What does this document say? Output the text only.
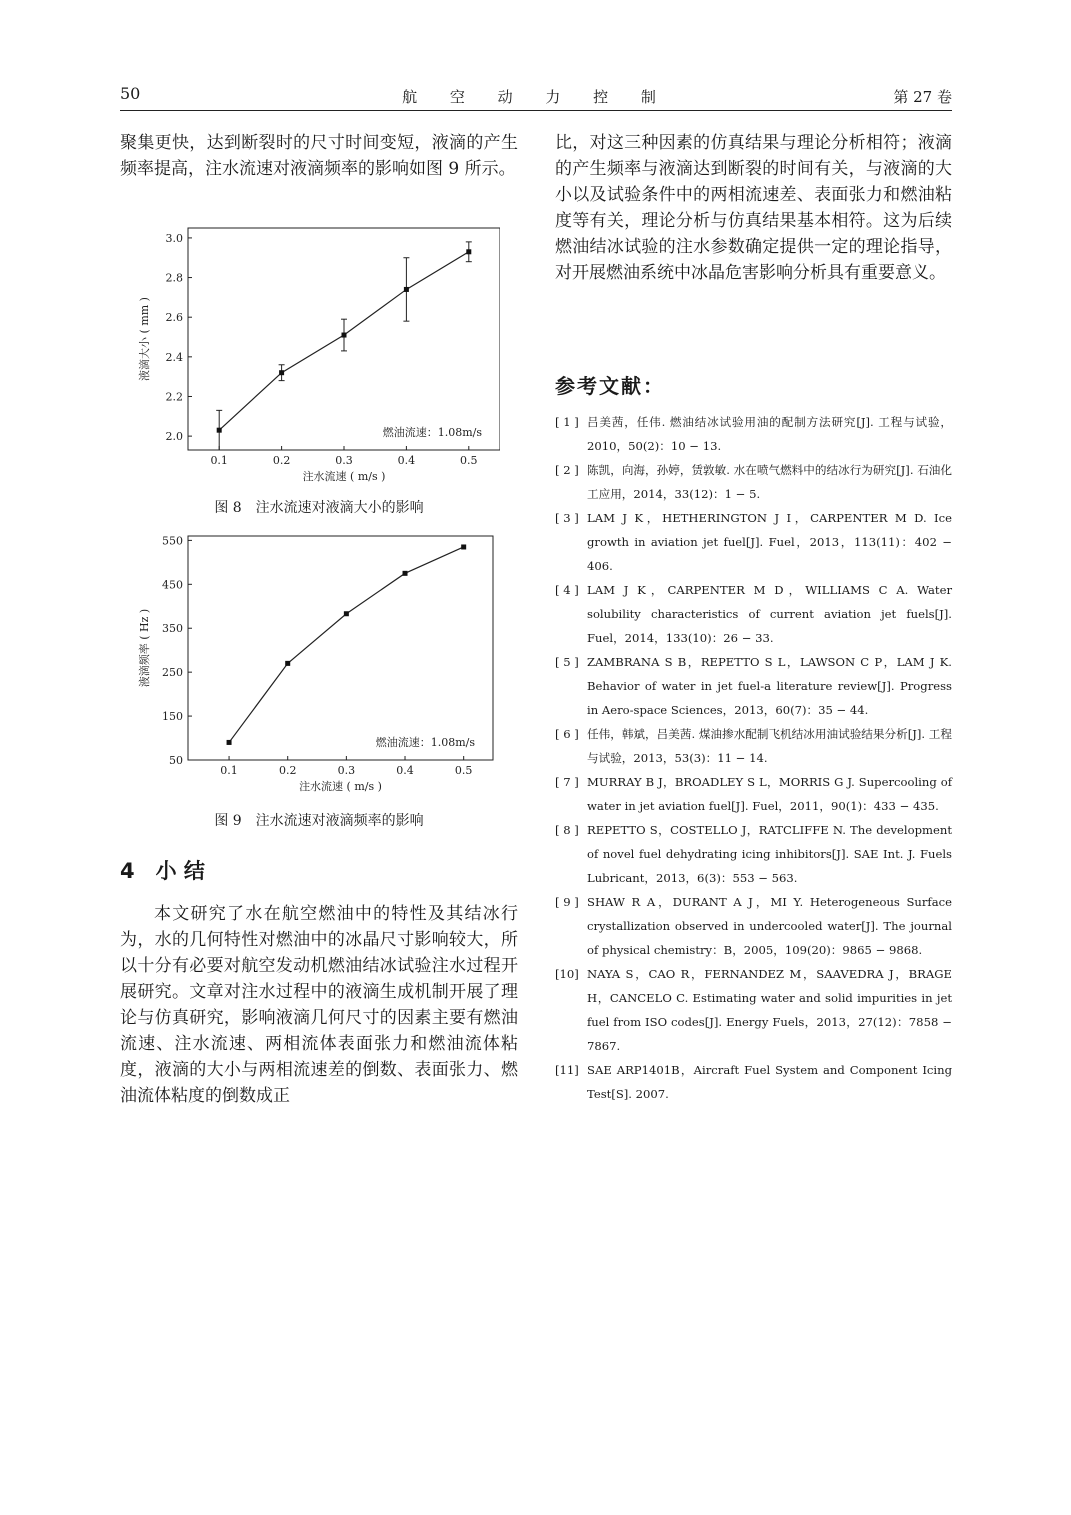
50	航 空 动 力 控 制	第 27 卷

聚集更快，达到断裂时的尺寸时间变短，液滴的产生频率提高，注水流速对液滴频率的影响如图 9 所示。

0.1	0.2	0.3	0.4	0.5
2.0
2.2
2.4
2.6
2.8
3.0
燃油流速：1.08m/s
注水流速 ( m/s )
液滴大小 ( mm )
图 8　注水流速对液滴大小的影响
0.1	0.2	0.3	0.4	0.5
50
150
250
350
450
550
燃油流速：1.08m/s
注水流速 ( m/s )
液滴频率 ( Hz )
图 9　注水流速对液滴频率的影响
4　小 结

本文研究了水在航空燃油中的特性及其结冰行为，水的几何特性对燃油中的冰晶尺寸影响较大，所以十分有必要对航空发动机燃油结冰试验注水过程开展研究。文章对注水过程中的液滴生成机制开展了理论与仿真研究，影响液滴几何尺寸的因素主要有燃油流速、注水流速、两相流体表面张力和燃油流体粘度，液滴的大小与两相流速差的倒数、表面张力、燃油流体粘度的倒数成正

比，对这三种因素的仿真结果与理论分析相符；液滴的产生频率与液滴达到断裂的时间有关，与液滴的大小以及试验条件中的两相流速差、表面张力和燃油粘度等有关，理论分析与仿真结果基本相符。这为后续燃油结冰试验的注水参数确定提供一定的理论指导，对开展燃油系统中冰晶危害影响分析具有重要意义。

参考文献：
[ 1 ] 吕美茜，任伟. 燃油结冰试验用油的配制方法研究[J]. 工程与试验，2010，50(2)：10 − 13.
[ 2 ] 陈凯，向海，孙婷，赁敦敏. 水在喷气燃料中的结冰行为研究[J]. 石油化工应用，2014，33(12)：1 − 5.
[ 3 ] LAM J K，HETHERINGTON J I，CARPENTER M D. Ice growth in aviation jet fuel[J]. Fuel，2013，113(11)：402 − 406.
[ 4 ] LAM J K，CARPENTER M D，WILLIAMS C A. Water solubility characteristics of current aviation jet fuels[J]. Fuel，2014，133(10)：26 − 33.
[ 5 ] ZAMBRANA S B，REPETTO S L，LAWSON C P，LAM J K. Behavior of water in jet fuel-a literature review[J]. Progress in Aero-space Sciences，2013，60(7)：35 − 44.
[ 6 ] 任伟，韩斌，吕美茜. 煤油掺水配制飞机结冰用油试验结果分析[J]. 工程与试验，2013，53(3)：11 − 14.
[ 7 ] MURRAY B J，BROADLEY S L，MORRIS G J. Supercooling of water in jet aviation fuel[J]. Fuel，2011，90(1)：433 − 435.
[ 8 ] REPETTO S，COSTELLO J，RATCLIFFE N. The development of novel fuel dehydrating icing inhibitors[J]. SAE Int. J. Fuels Lubricant，2013，6(3)：553 − 563.
[ 9 ] SHAW R A，DURANT A J，MI Y. Heterogeneous Surface crystallization observed in undercooled water[J]. The journal of physical chemistry：B，2005，109(20)：9865 − 9868.
[10] NAYA S，CAO R，FERNANDEZ M，SAAVEDRA J，BRAGE H，CANCELO C. Estimating water and solid impurities in jet fuel from ISO codes[J]. Energy Fuels，2013，27(12)：7858 − 7867.
[11] SAE ARP1401B，Aircraft Fuel System and Component Icing Test[S]. 2007.
